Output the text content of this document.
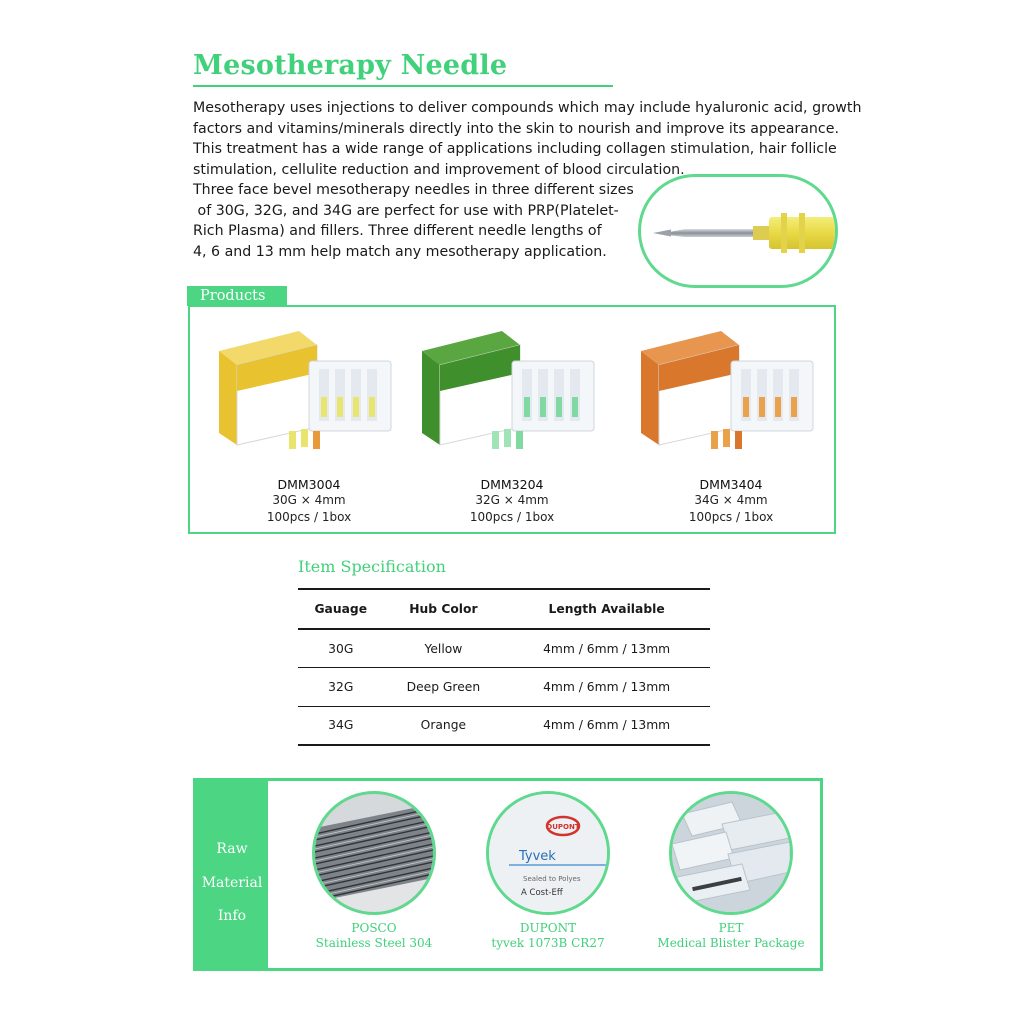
Mesotherapy Needle

Mesotherapy uses injections to deliver compounds which may include hyaluronic acid, growth

factors and vitamins/minerals directly into the skin to nourish and improve its appearance.

This treatment has a wide range of applications including collagen stimulation, hair follicle

stimulation, cellulite reduction and improvement of blood circulation.

Three face bevel mesotherapy needles in three different sizes

of 30G, 32G, and 34G are perfect for use with PRP(Platelet-

Rich Plasma) and fillers. Three different needle lengths of

4, 6 and 13 mm help match any mesotherapy application.

Products
DMM3004
30G × 4mm
100pcs / 1box
DMM3204
32G × 4mm
100pcs / 1box
DMM3404
34G × 4mm
100pcs / 1box
Item Specification
Gauage	Hub Color	Length Available
30G	Yellow	4mm / 6mm / 13mm
32G	Deep Green	4mm / 6mm / 13mm
34G	Orange	4mm / 6mm / 13mm
Raw
Material
Info
POSCO
Stainless Steel 304
DUPONT
Tyvek
Sealed to Polyes
A Cost-Eff
DUPONT
tyvek 1073B CR27
PET
Medical Blister Package
